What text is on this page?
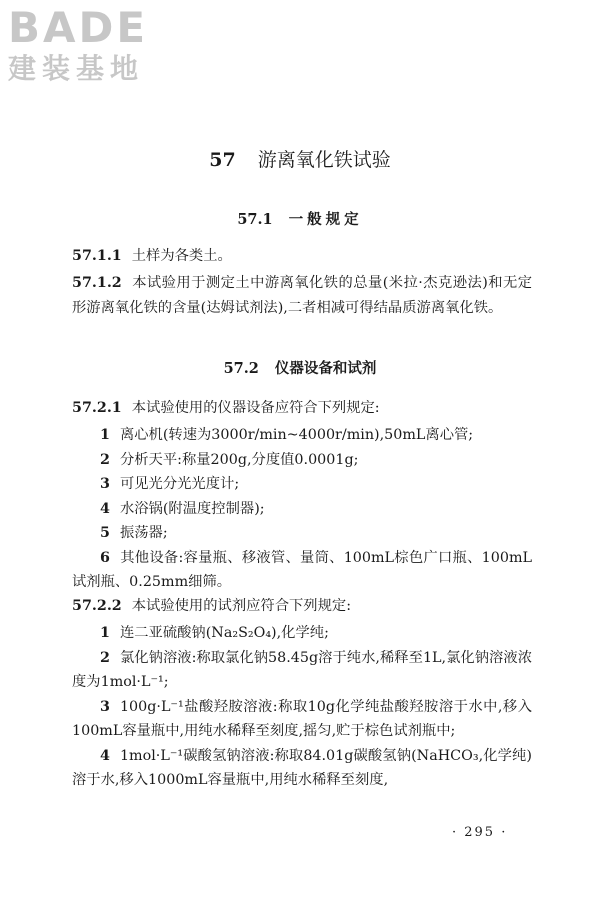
BADE
建装基地
57 游离氧化铁试验
57.1 一般规定

57.1.1 土样为各类土。

57.1.2 本试验用于测定土中游离氧化铁的总量(米拉·杰克逊法)和无定形游离氧化铁的含量(达姆试剂法),二者相减可得结晶质游离氧化铁。

57.2 仪器设备和试剂

57.2.1 本试验使用的仪器设备应符合下列规定:

1 离心机(转速为3000r/min~4000r/min),50mL离心管;
2 分析天平:称量200g,分度值0.0001g;
3 可见光分光光度计;
4 水浴锅(附温度控制器);
5 振荡器;
6 其他设备:容量瓶、移液管、量筒、100mL棕色广口瓶、100mL试剂瓶、0.25mm细筛。

57.2.2 本试验使用的试剂应符合下列规定:

1 连二亚硫酸钠(Na₂S₂O₄),化学纯;
2 氯化钠溶液:称取氯化钠58.45g溶于纯水,稀释至1L,氯化钠溶液浓度为1mol·L⁻¹;
3 100g·L⁻¹盐酸羟胺溶液:称取10g化学纯盐酸羟胺溶于水中,移入100mL容量瓶中,用纯水稀释至刻度,摇匀,贮于棕色试剂瓶中;
4 1mol·L⁻¹碳酸氢钠溶液:称取84.01g碳酸氢钠(NaHCO₃,化学纯)溶于水,移入1000mL容量瓶中,用纯水稀释至刻度,
· 295 ·
